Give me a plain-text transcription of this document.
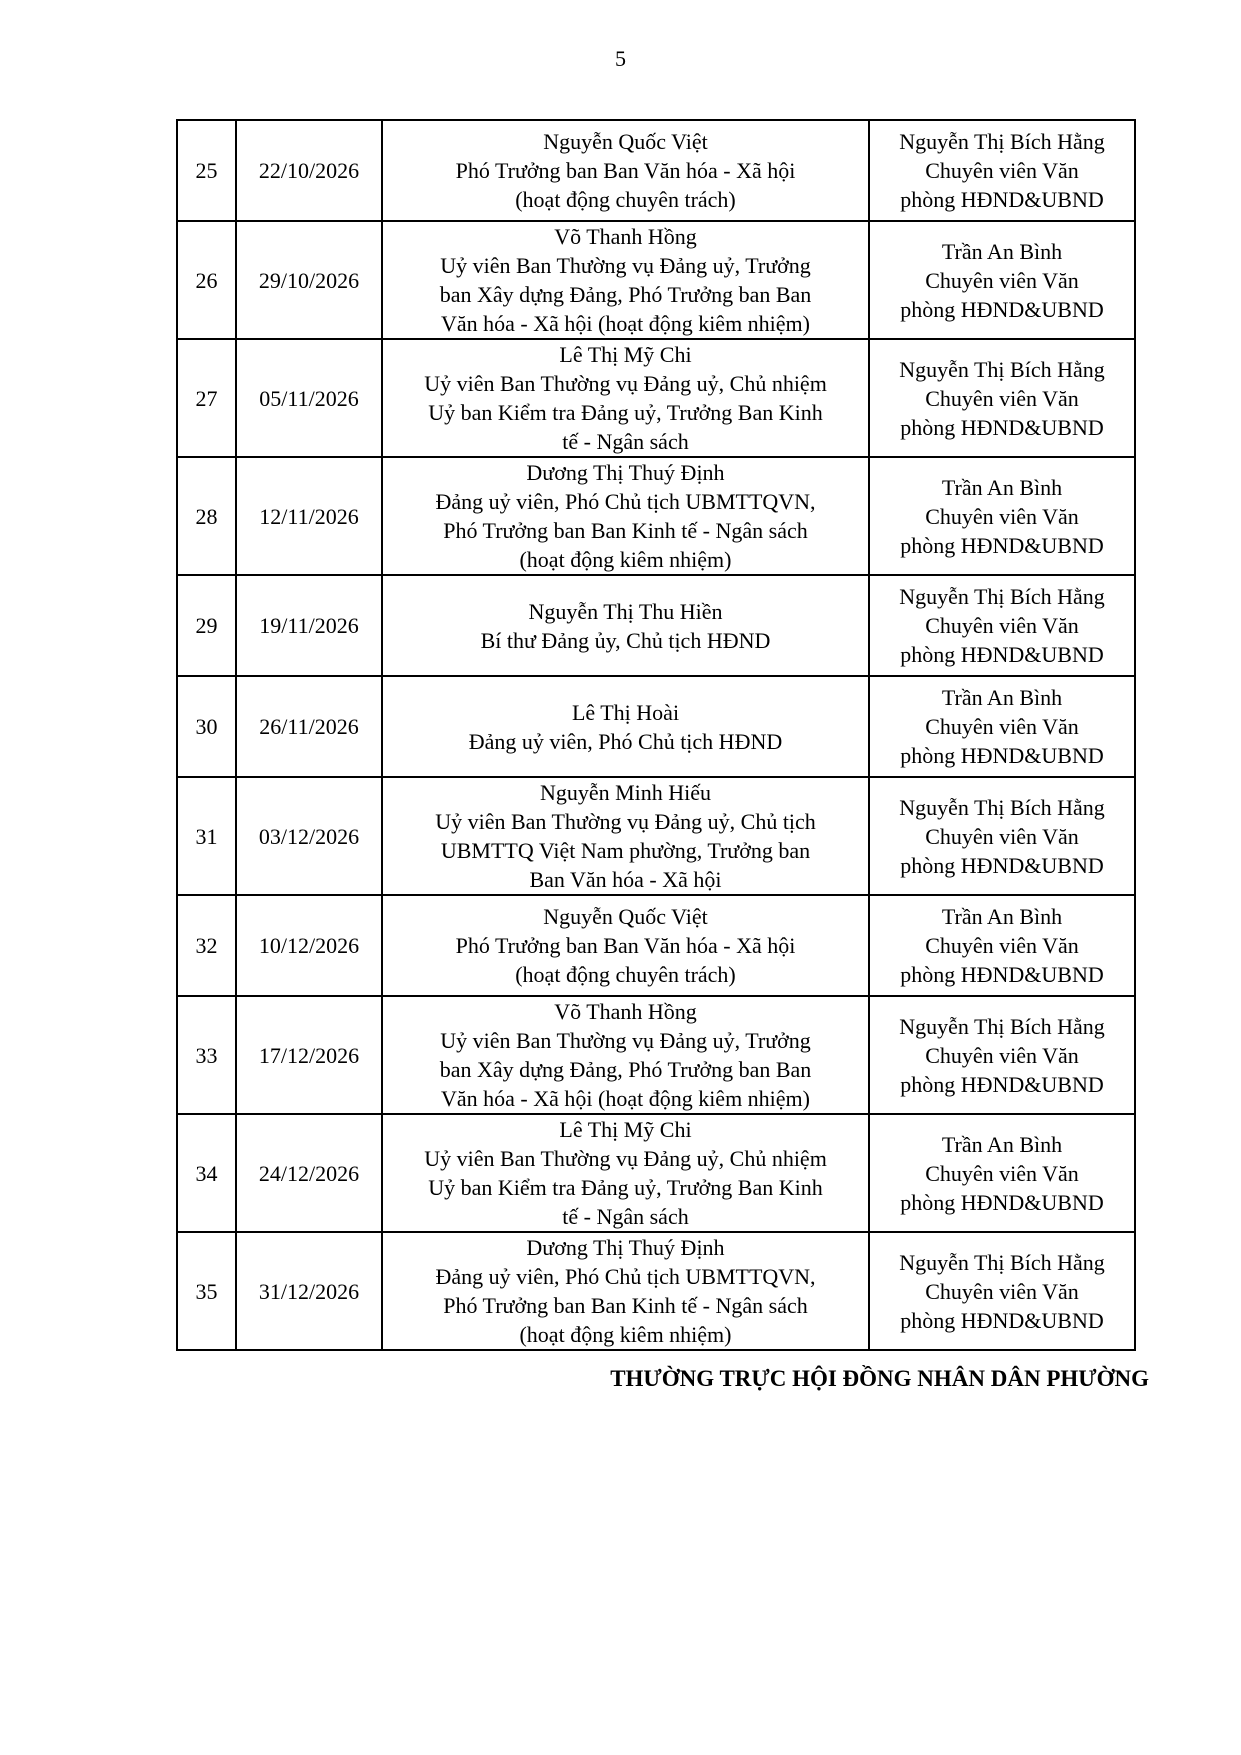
5
25	22/10/2026	Nguyễn Quốc Việt
Phó Trưởng ban Ban Văn hóa - Xã hội
(hoạt động chuyên trách)	Nguyễn Thị Bích Hằng
Chuyên viên Văn
phòng HĐND&UBND

26	29/10/2026	Võ Thanh Hồng
Uỷ viên Ban Thường vụ Đảng uỷ, Trưởng
ban Xây dựng Đảng, Phó Trưởng ban Ban
Văn hóa - Xã hội (hoạt động kiêm nhiệm)	Trần An Bình
Chuyên viên Văn
phòng HĐND&UBND

27	05/11/2026	Lê Thị Mỹ Chi
Uỷ viên Ban Thường vụ Đảng uỷ, Chủ nhiệm
Uỷ ban Kiểm tra Đảng uỷ, Trưởng Ban Kinh
tế - Ngân sách	Nguyễn Thị Bích Hằng
Chuyên viên Văn
phòng HĐND&UBND

28	12/11/2026	Dương Thị Thuý Định
Đảng uỷ viên, Phó Chủ tịch UBMTTQVN,
Phó Trưởng ban Ban Kinh tế - Ngân sách
(hoạt động kiêm nhiệm)	Trần An Bình
Chuyên viên Văn
phòng HĐND&UBND

29	19/11/2026	Nguyễn Thị Thu Hiền
Bí thư Đảng ủy, Chủ tịch HĐND	Nguyễn Thị Bích Hằng
Chuyên viên Văn
phòng HĐND&UBND

30	26/11/2026	Lê Thị Hoài
Đảng uỷ viên, Phó Chủ tịch HĐND	Trần An Bình
Chuyên viên Văn
phòng HĐND&UBND

31	03/12/2026	Nguyễn Minh Hiếu
Uỷ viên Ban Thường vụ Đảng uỷ, Chủ tịch
UBMTTQ Việt Nam phường, Trưởng ban
Ban Văn hóa - Xã hội	Nguyễn Thị Bích Hằng
Chuyên viên Văn
phòng HĐND&UBND

32	10/12/2026	Nguyễn Quốc Việt
Phó Trưởng ban Ban Văn hóa - Xã hội
(hoạt động chuyên trách)	Trần An Bình
Chuyên viên Văn
phòng HĐND&UBND

33	17/12/2026	Võ Thanh Hồng
Uỷ viên Ban Thường vụ Đảng uỷ, Trưởng
ban Xây dựng Đảng, Phó Trưởng ban Ban
Văn hóa - Xã hội (hoạt động kiêm nhiệm)	Nguyễn Thị Bích Hằng
Chuyên viên Văn
phòng HĐND&UBND

34	24/12/2026	Lê Thị Mỹ Chi
Uỷ viên Ban Thường vụ Đảng uỷ, Chủ nhiệm
Uỷ ban Kiểm tra Đảng uỷ, Trưởng Ban Kinh
tế - Ngân sách	Trần An Bình
Chuyên viên Văn
phòng HĐND&UBND

35	31/12/2026	Dương Thị Thuý Định
Đảng uỷ viên, Phó Chủ tịch UBMTTQVN,
Phó Trưởng ban Ban Kinh tế - Ngân sách
(hoạt động kiêm nhiệm)	Nguyễn Thị Bích Hằng
Chuyên viên Văn
phòng HĐND&UBND
THƯỜNG TRỰC HỘI ĐỒNG NHÂN DÂN PHƯỜNG
